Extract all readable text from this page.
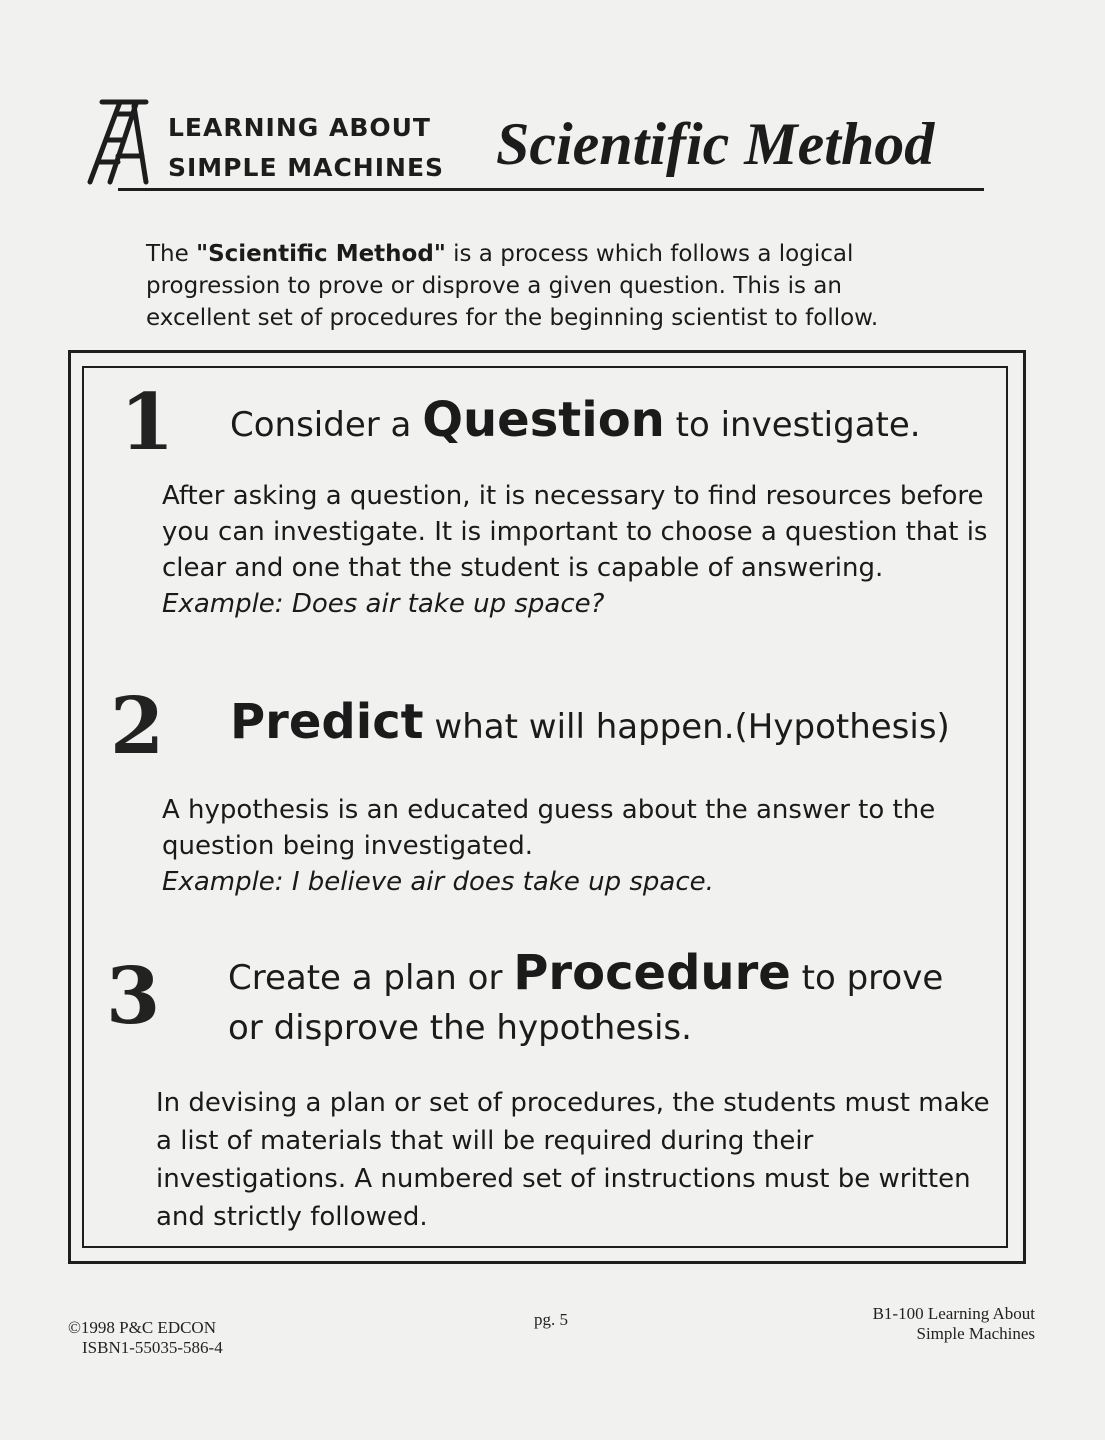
LEARNING ABOUT
SIMPLE MACHINES Scientific Method
The "Scientific Method" is a process which follows a logical progression to prove or disprove a given question. This is an excellent set of procedures for the beginning scientist to follow.
1 Consider a Question to investigate.
After asking a question, it is necessary to find resources before you can investigate. It is important to choose a question that is clear and one that the student is capable of answering.
Example: Does air take up space?
2 Predict what will happen.(Hypothesis)
A hypothesis is an educated guess about the answer to the question being investigated.
Example: I believe air does take up space.
3 Create a plan or Procedure to prove
or disprove the hypothesis.
In devising a plan or set of procedures, the students must make a list of materials that will be required during their investigations. A numbered set of instructions must be written and strictly followed.
©1998 P&C EDCON
ISBN1-55035-586-4
pg. 5	B1-100 Learning About
Simple Machines
